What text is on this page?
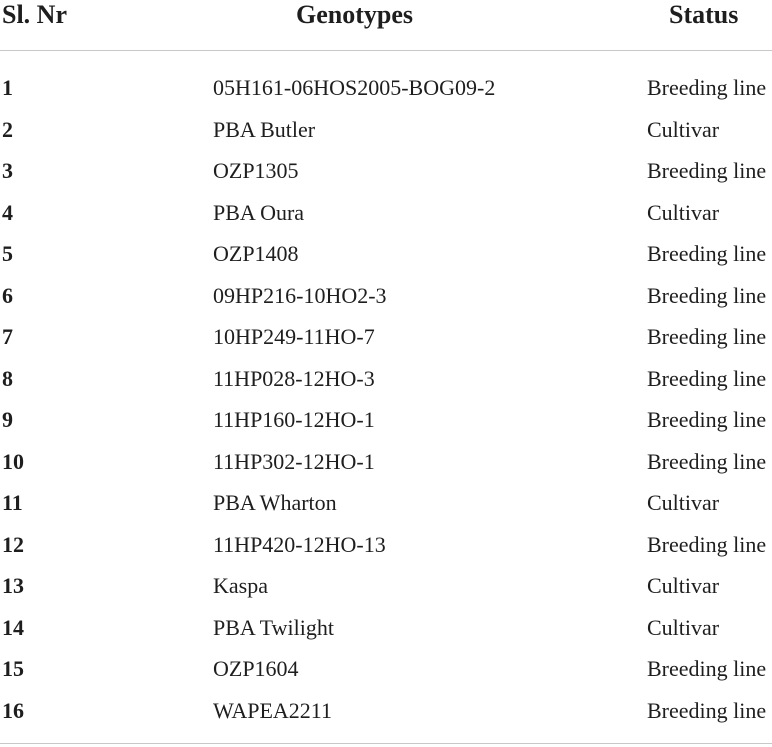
Sl. Nr	Genotypes	Status
1	05H161-06HOS2005-BOG09-2	Breeding line
2	PBA Butler	Cultivar
3	OZP1305	Breeding line
4	PBA Oura	Cultivar
5	OZP1408	Breeding line
6	09HP216-10HO2-3	Breeding line
7	10HP249-11HO-7	Breeding line
8	11HP028-12HO-3	Breeding line
9	11HP160-12HO-1	Breeding line
10	11HP302-12HO-1	Breeding line
11	PBA Wharton	Cultivar
12	11HP420-12HO-13	Breeding line
13	Kaspa	Cultivar
14	PBA Twilight	Cultivar
15	OZP1604	Breeding line
16	WAPEA2211	Breeding line
